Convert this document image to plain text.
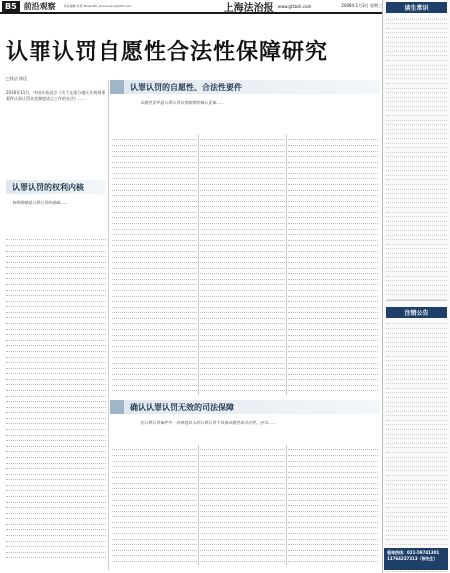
B5 前沿观察	责任编辑 付寒 Email:fzb_shouluoluo@163.com	上海法治报 www.gfzbsh.com	2008年1月3日 星期三
认罪认罚自愿性合法性保障研究
□钱洁 徐佳
2016年11月，中国开始试点《关于在部分地区开展刑事案件认罪认罚从宽制度试点工作的办法》……
认罪认罚的权利内核
权利保障是认罪认罚的基础……
认罪认罚的自愿性、合法性要件
自愿性要件是认罪认罚从宽制度的核心要素……
确认认罪认罚无效的司法保障
在认罪认罚案件中，若被追诉人的认罪认罚不具备自愿性或合法性，应当……
读生常识
注销公告
垂询热线：021-59741301
13764237313（徐先生）
